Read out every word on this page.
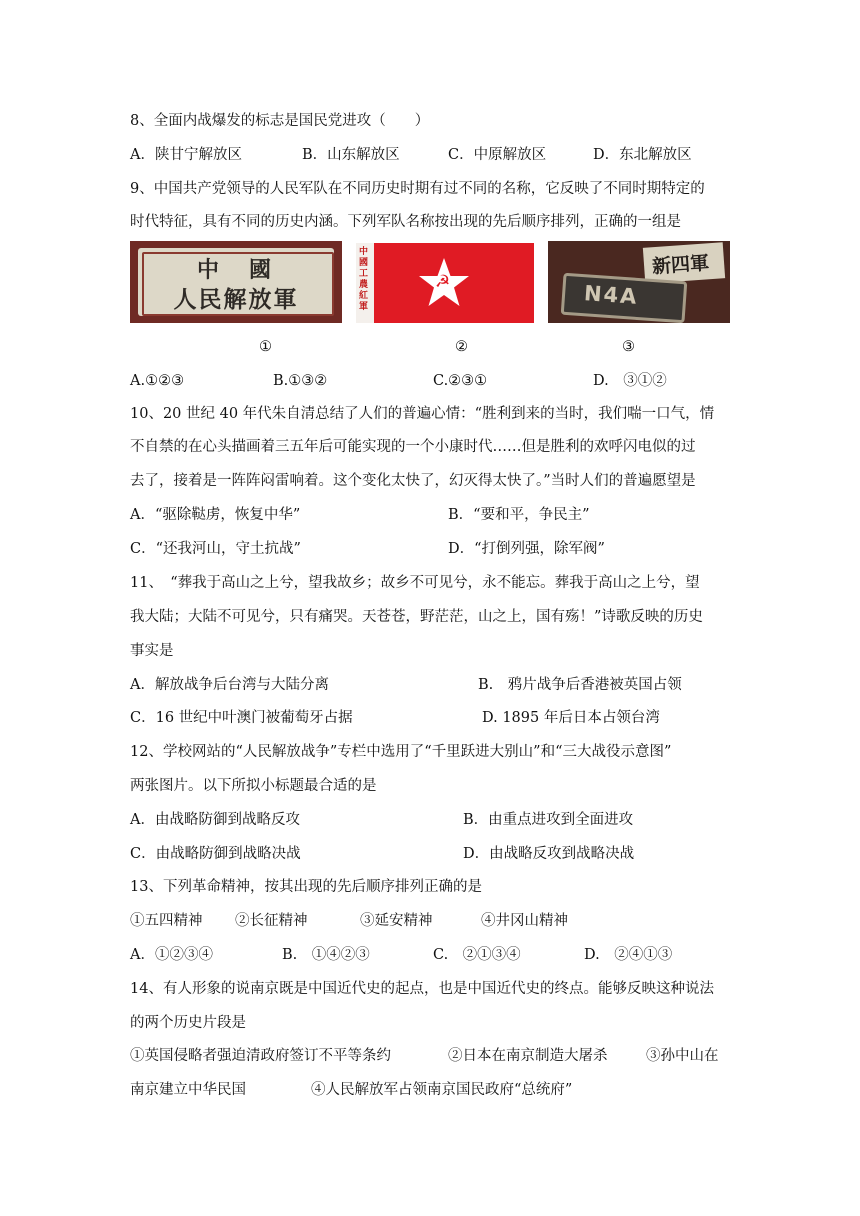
8、全面内战爆发的标志是国民党进攻（　　）
A．陕甘宁解放区	B．山东解放区	C．中原解放区	D．东北解放区
9、中国共产党领导的人民军队在不同历史时期有过不同的名称，它反映了不同时期特定的
时代特征，具有不同的历史内涵。下列军队名称按出现的先后顺序排列，正确的一组是
中　國
人民解放軍
中國工農紅軍
☭
新四軍
N4A
①	②	③
A.①②③	B.①③②	C.②③①	D.　③①②
10、20 世纪 40 年代朱自清总结了人们的普遍心情：“胜利到来的当时，我们喘一口气，情
不自禁的在心头描画着三五年后可能实现的一个小康时代……但是胜利的欢呼闪电似的过
去了，接着是一阵阵闷雷响着。这个变化太快了，幻灭得太快了。”当时人们的普遍愿望是
A．“驱除鞑虏，恢复中华”	B．“要和平，争民主”
C．“还我河山，守土抗战”	D．“打倒列强，除军阀”
11、　“葬我于高山之上兮，望我故乡；故乡不可见兮，永不能忘。葬我于高山之上兮，望
我大陆；大陆不可见兮，只有痛哭。天苍苍，野茫茫，山之上，国有殇！”诗歌反映的历史
事实是
A．解放战争后台湾与大陆分离	B.　鸦片战争后香港被英国占领
C．16 世纪中叶澳门被葡萄牙占据	D. 1895 年后日本占领台湾
12、学校网站的“人民解放战争”专栏中选用了“千里跃进大别山”和“三大战役示意图”
两张图片。以下所拟小标题最合适的是
A．由战略防御到战略反攻	B．由重点进攻到全面进攻
C．由战略防御到战略决战	D．由战略反攻到战略决战
13、下列革命精神，按其出现的先后顺序排列正确的是
①五四精神 ②长征精神	③延安精神	④井冈山精神
A．①②③④	B.　①④②③	C.　②①③④	D.　②④①③
14、有人形象的说南京既是中国近代史的起点，也是中国近代史的终点。能够反映这种说法
的两个历史片段是
①英国侵略者强迫清政府签订不平等条约	②日本在南京制造大屠杀	③孙中山在
南京建立中华民国	④人民解放军占领南京国民政府“总统府”
